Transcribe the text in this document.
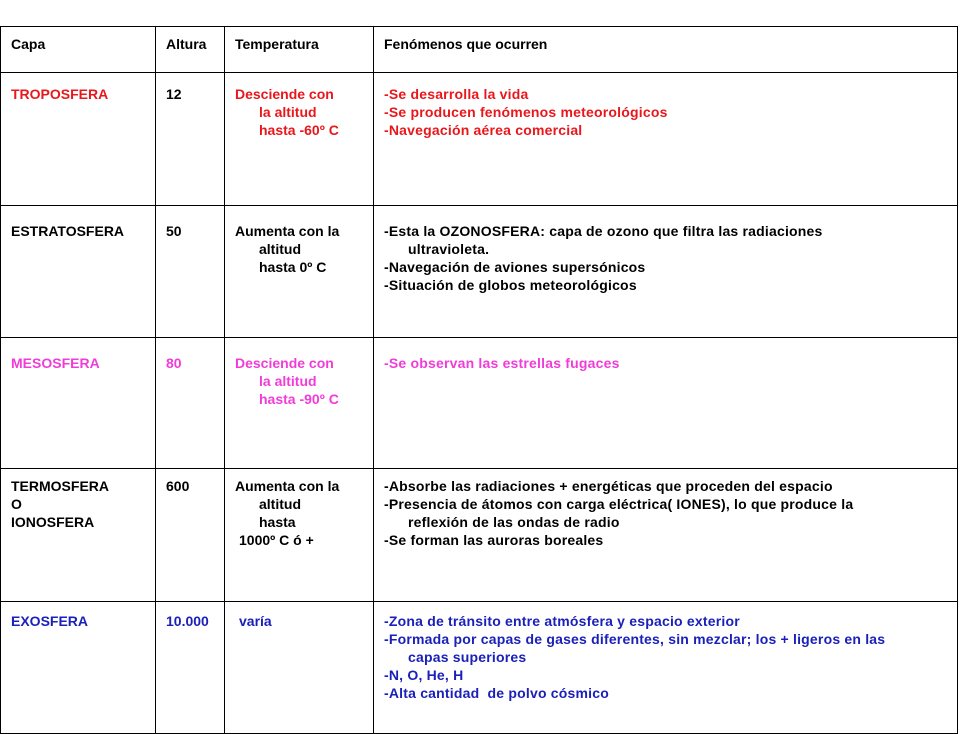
Capa	Altura	Temperatura	Fenómenos que ocurren

TROPOSFERA	12	Desciende con
la altitud
hasta -60º C	-Se desarrolla la vida
-Se producen fenómenos meteorológicos
-Navegación aérea comercial

ESTRATOSFERA	50	Aumenta con la
altitud
hasta 0º C	-Esta la OZONOSFERA: capa de ozono que filtra las radiaciones
ultravioleta.
-Navegación de aviones supersónicos
-Situación de globos meteorológicos

MESOSFERA	80	Desciende con
la altitud
hasta -90º C	-Se observan las estrellas fugaces

TERMOSFERA
O
IONOSFERA	600	Aumenta con la
altitud
hasta
1000º C ó +	-Absorbe las radiaciones + energéticas que proceden del espacio
-Presencia de átomos con carga eléctrica( IONES), lo que produce la
reflexión de las ondas de radio
-Se forman las auroras boreales

EXOSFERA	10.000	varía	-Zona de tránsito entre atmósfera y espacio exterior
-Formada por capas de gases diferentes, sin mezclar; los + ligeros en las
capas superiores
-N, O, He, H
-Alta cantidad  de polvo cósmico
